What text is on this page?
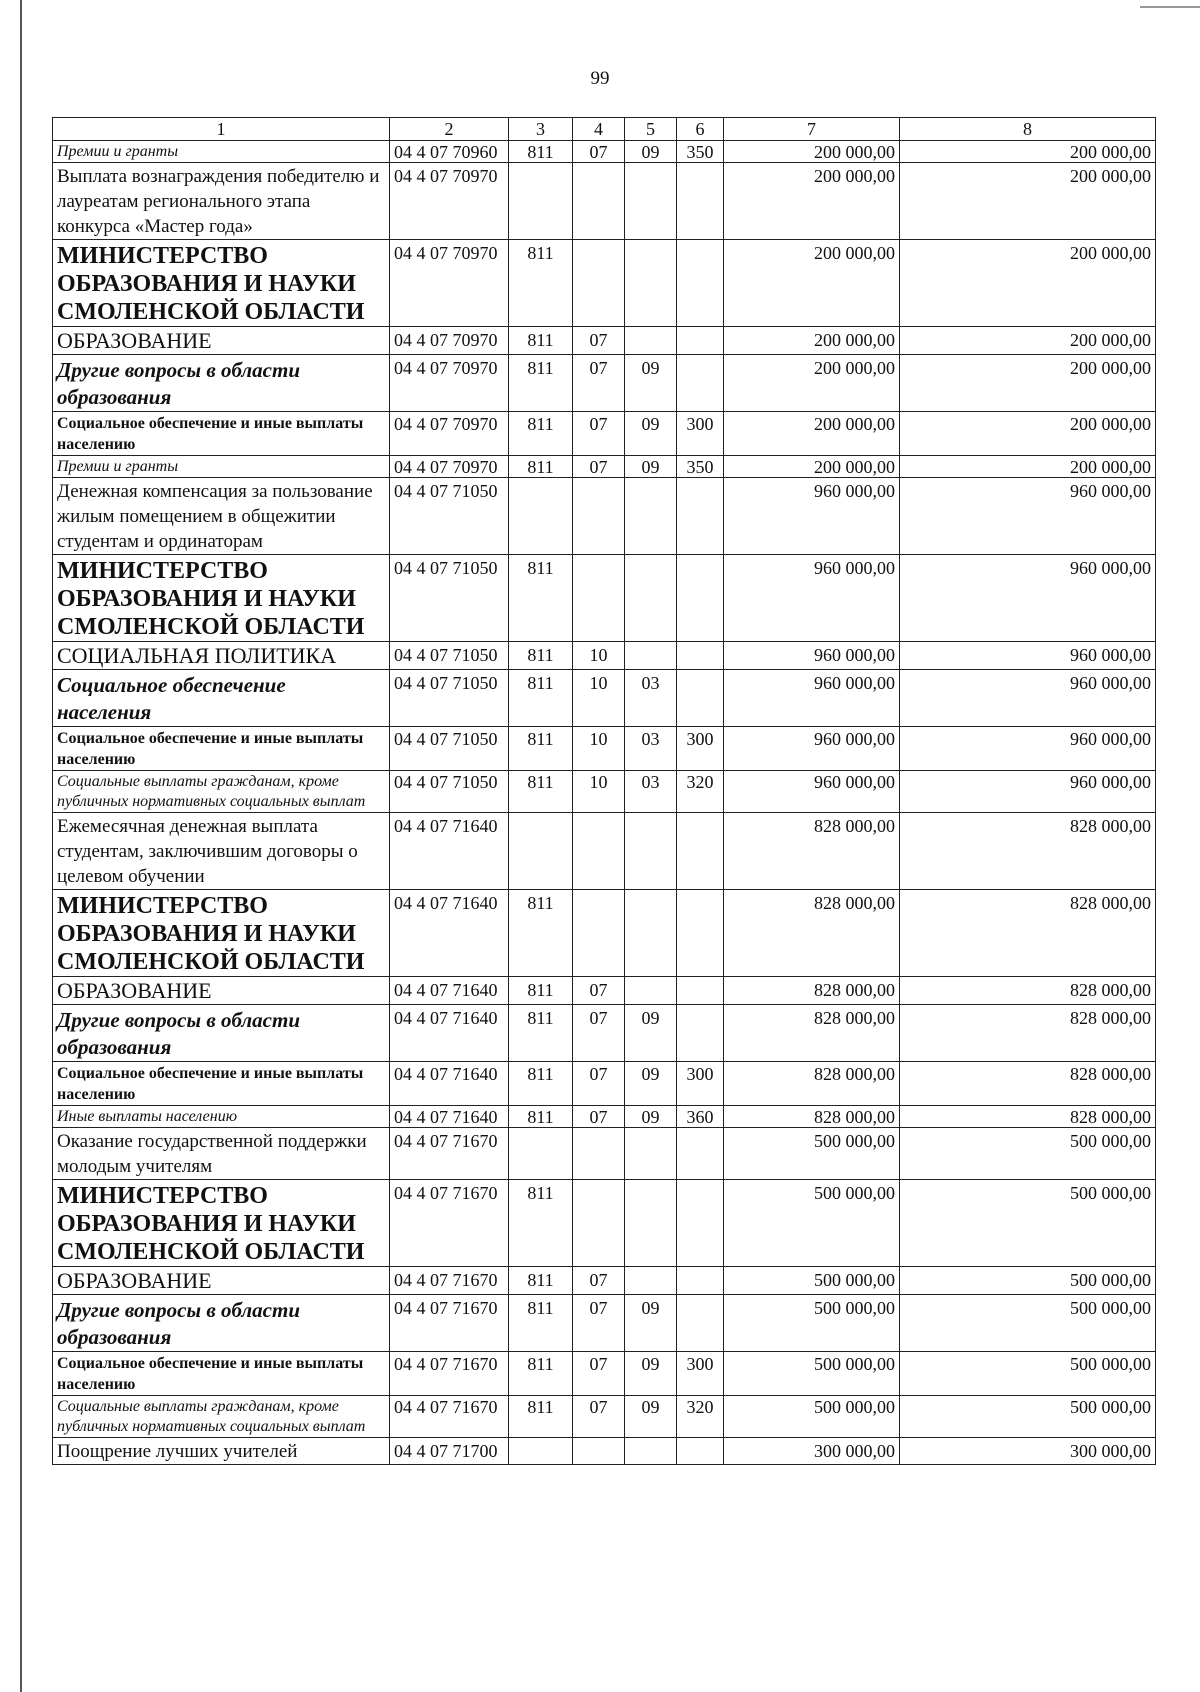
99
1	2	3	4	5	6	7	8
Премии и гранты	04 4 07 70960	811	07	09	350	200 000,00	200 000,00
Выплата вознаграждения победителю и лауреатам регионального этапа конкурса «Мастер года»	04 4 07 70970					200 000,00	200 000,00
МИНИСТЕРСТВО ОБРАЗОВАНИЯ И НАУКИ СМОЛЕНСКОЙ ОБЛАСТИ	04 4 07 70970	811				200 000,00	200 000,00
ОБРАЗОВАНИЕ	04 4 07 70970	811	07			200 000,00	200 000,00
Другие вопросы в области образования	04 4 07 70970	811	07	09		200 000,00	200 000,00
Социальное обеспечение и иные выплаты населению	04 4 07 70970	811	07	09	300	200 000,00	200 000,00
Премии и гранты	04 4 07 70970	811	07	09	350	200 000,00	200 000,00
Денежная компенсация за пользование жилым помещением в общежитии студентам и ординаторам	04 4 07 71050					960 000,00	960 000,00
МИНИСТЕРСТВО ОБРАЗОВАНИЯ И НАУКИ СМОЛЕНСКОЙ ОБЛАСТИ	04 4 07 71050	811				960 000,00	960 000,00
СОЦИАЛЬНАЯ ПОЛИТИКА	04 4 07 71050	811	10			960 000,00	960 000,00
Социальное обеспечение населения	04 4 07 71050	811	10	03		960 000,00	960 000,00
Социальное обеспечение и иные выплаты населению	04 4 07 71050	811	10	03	300	960 000,00	960 000,00
Социальные выплаты гражданам, кроме публичных нормативных социальных выплат	04 4 07 71050	811	10	03	320	960 000,00	960 000,00
Ежемесячная денежная выплата студентам, заключившим договоры о целевом обучении	04 4 07 71640					828 000,00	828 000,00
МИНИСТЕРСТВО ОБРАЗОВАНИЯ И НАУКИ СМОЛЕНСКОЙ ОБЛАСТИ	04 4 07 71640	811				828 000,00	828 000,00
ОБРАЗОВАНИЕ	04 4 07 71640	811	07			828 000,00	828 000,00
Другие вопросы в области образования	04 4 07 71640	811	07	09		828 000,00	828 000,00
Социальное обеспечение и иные выплаты населению	04 4 07 71640	811	07	09	300	828 000,00	828 000,00
Иные выплаты населению	04 4 07 71640	811	07	09	360	828 000,00	828 000,00
Оказание государственной поддержки молодым учителям	04 4 07 71670					500 000,00	500 000,00
МИНИСТЕРСТВО ОБРАЗОВАНИЯ И НАУКИ СМОЛЕНСКОЙ ОБЛАСТИ	04 4 07 71670	811				500 000,00	500 000,00
ОБРАЗОВАНИЕ	04 4 07 71670	811	07			500 000,00	500 000,00
Другие вопросы в области образования	04 4 07 71670	811	07	09		500 000,00	500 000,00
Социальное обеспечение и иные выплаты населению	04 4 07 71670	811	07	09	300	500 000,00	500 000,00
Социальные выплаты гражданам, кроме публичных нормативных социальных выплат	04 4 07 71670	811	07	09	320	500 000,00	500 000,00
Поощрение лучших учителей	04 4 07 71700					300 000,00	300 000,00
